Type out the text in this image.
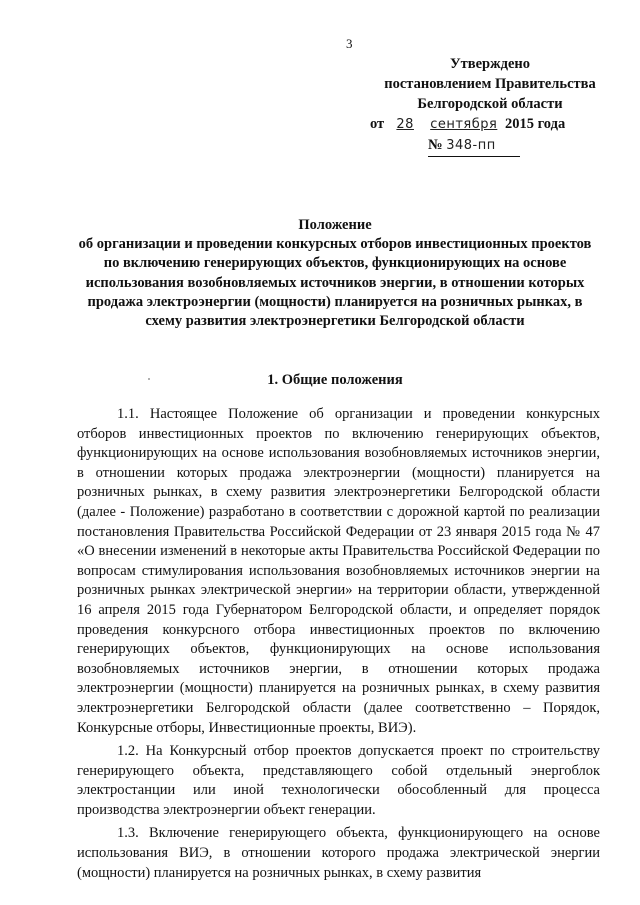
3
Утверждено
постановлением Правительства
Белгородской области
от 28 сентября 2015 года
№ 348-пп
Положение
об организации и проведении конкурсных отборов инвестиционных проектов по включению генерирующих объектов, функционирующих на основе использования возобновляемых источников энергии, в отношении которых продажа электроэнергии (мощности) планируется на розничных рынках, в схему развития электроэнергетики Белгородской области
1. Общие положения

1.1. Настоящее Положение об организации и проведении конкурсных отборов инвестиционных проектов по включению генерирующих объектов, функционирующих на основе использования возобновляемых источников энергии, в отношении которых продажа электроэнергии (мощности) планируется на розничных рынках, в схему развития электроэнергетики Белгородской области (далее - Положение) разработано в соответствии с дорожной картой по реализации постановления Правительства Российской Федерации от 23 января 2015 года № 47 «О внесении изменений в некоторые акты Правительства Российской Федерации по вопросам стимулирования использования возобновляемых источников энергии на розничных рынках электрической энергии» на территории области, утвержденной 16 апреля 2015 года Губернатором Белгородской области, и определяет порядок проведения конкурсного отбора инвестиционных проектов по включению генерирующих объектов, функционирующих на основе использования возобновляемых источников энергии, в отношении которых продажа электроэнергии (мощности) планируется на розничных рынках, в схему развития электроэнергетики Белгородской области (далее соответственно – Порядок, Конкурсные отборы, Инвестиционные проекты, ВИЭ).

1.2. На Конкурсный отбор проектов допускается проект по строительству генерирующего объекта, представляющего собой отдельный энергоблок электростанции или иной технологически обособленный для процесса производства электроэнергии объект генерации.

1.3. Включение генерирующего объекта, функционирующего на основе использования ВИЭ, в отношении которого продажа электрической энергии (мощности) планируется на розничных рынках, в схему развития
